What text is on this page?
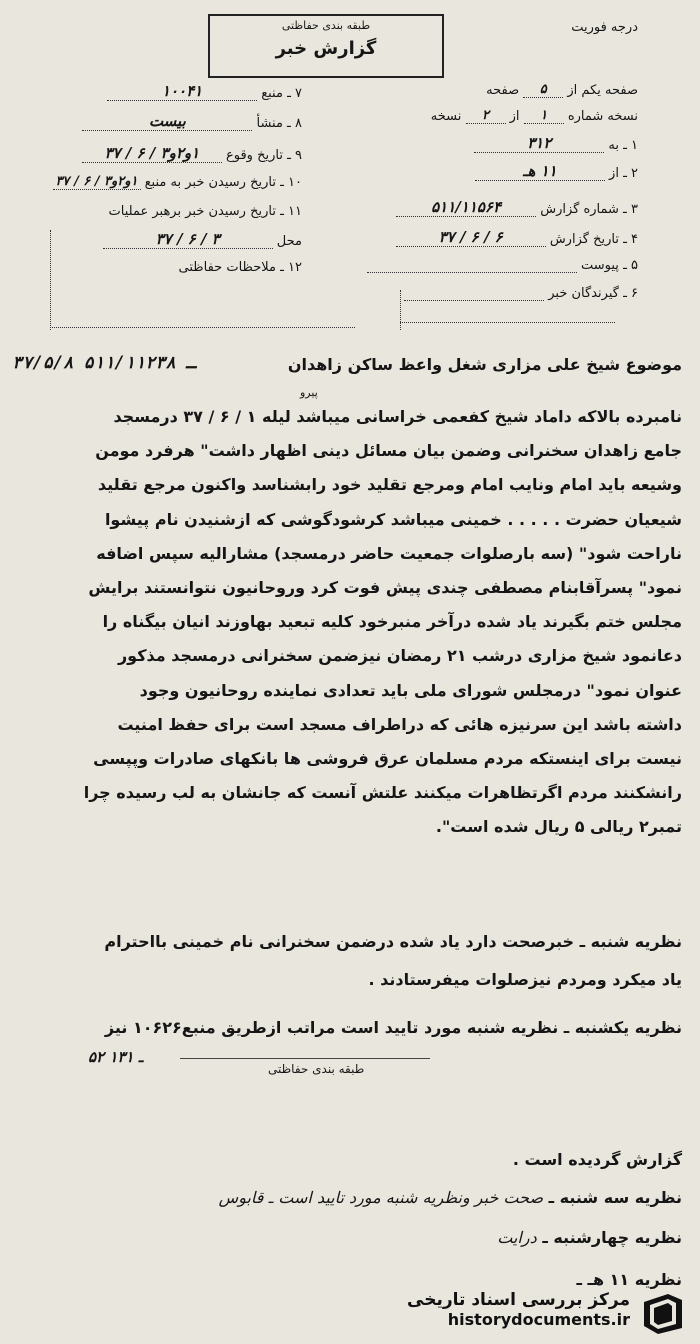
طبقه بندی حفاظتی
گزارش خبر
درجه فوریت
صفحه یکم از ۵ صفحه
نسخه شماره ۱ از ۲ نسخه
۷ ـ منبع ۱۰۰۴۱
۸ ـ منشأ بیست
۹ ـ تاریخ وقوع ۱و۲و۳ / ۶ / ۳۷
۱۰ ـ تاریخ رسیدن خبر به منبع ۱و۲و۳ / ۶ / ۳۷
۱۱ ـ تاریخ رسیدن خبر برهبر عملیات
محل ۳ / ۶ / ۳۷
۱۲ ـ ملاحظات حفاظتی
۱ ـ به ۳۱۲
۲ ـ از ۱۱ هـ
۳ ـ شماره گزارش ۵۱۱/۱۱۵۶۴
۴ ـ تاریخ گزارش ۶ / ۶ / ۳۷
۵ ـ پیوست
۶ ـ گیرندگان خبر
موضوع شیخ علی مزاری شغل واعظ ساکن زاهدان
۳۷/۵/۸ ـ ۵۱۱/۱۱۲۳۸
پیرو
نامبرده بالاکه داماد شیخ کفعمی خراسانی میباشد لیله ۱ / ۶ / ۳۷ درمسجد
جامع زاهدان سخنرانی وضمن بیان مسائل دینی اظهار داشت" هرفرد مومن
وشیعه باید امام ونایب امام ومرجع تقلید خود رابشناسد واکنون مرجع تقلید
شیعیان حضرت . . . . . خمینی میباشد کرشودگوشی که ازشنیدن نام پیشوا
ناراحت شود" (سه بارصلوات جمعیت حاضر درمسجد) مشارالیه سپس اضافه
نمود" پسرآقابنام مصطفی چندی پیش فوت کرد وروحانیون نتوانستند برایش
مجلس ختم بگیرند یاد شده درآخر منبرخود کلیه تبعید بهاوزند انیان بیگناه را
دعانمود شیخ مزاری درشب ۲۱ رمضان نیزضمن سخنرانی درمسجد مذکور
عنوان نمود" درمجلس شورای ملی باید تعدادی نماینده روحانیون وجود
داشته باشد این سرنیزه هائی که دراطراف مسجد است برای حفظ امنیت
نیست برای اینستکه مردم مسلمان عرق فروشی ها بانکهای صادرات وپپسی
رانشکنند مردم اگرتظاهرات میکنند علتش آنست که جانشان به لب رسیده چرا
تمبر۲ ریالی ۵ ریال شده است".
نظریه شنبه ـ خبرصحت دارد یاد شده درضمن سخنرانی نام خمینی بااحترام
یاد میکرد ومردم نیزصلوات میفرستادند .
نظریه یکشنبه ـ نظریه شنبه مورد تایید است مراتب ازطریق منبع۱۰۶۲۶ نیز
۵۲ ـ ۱۳۱
طبقه بندی حفاظتی
گزارش گردیده است .
نظریه سه شنبه ـ صحت خبر ونظریه شنبه مورد تایید است ـ قابوس
نظریه چهارشنبه ـ درایت
نظریه ۱۱ هـ ـ
مرکز بررسی اسناد تاریخی
historydocuments.ir
